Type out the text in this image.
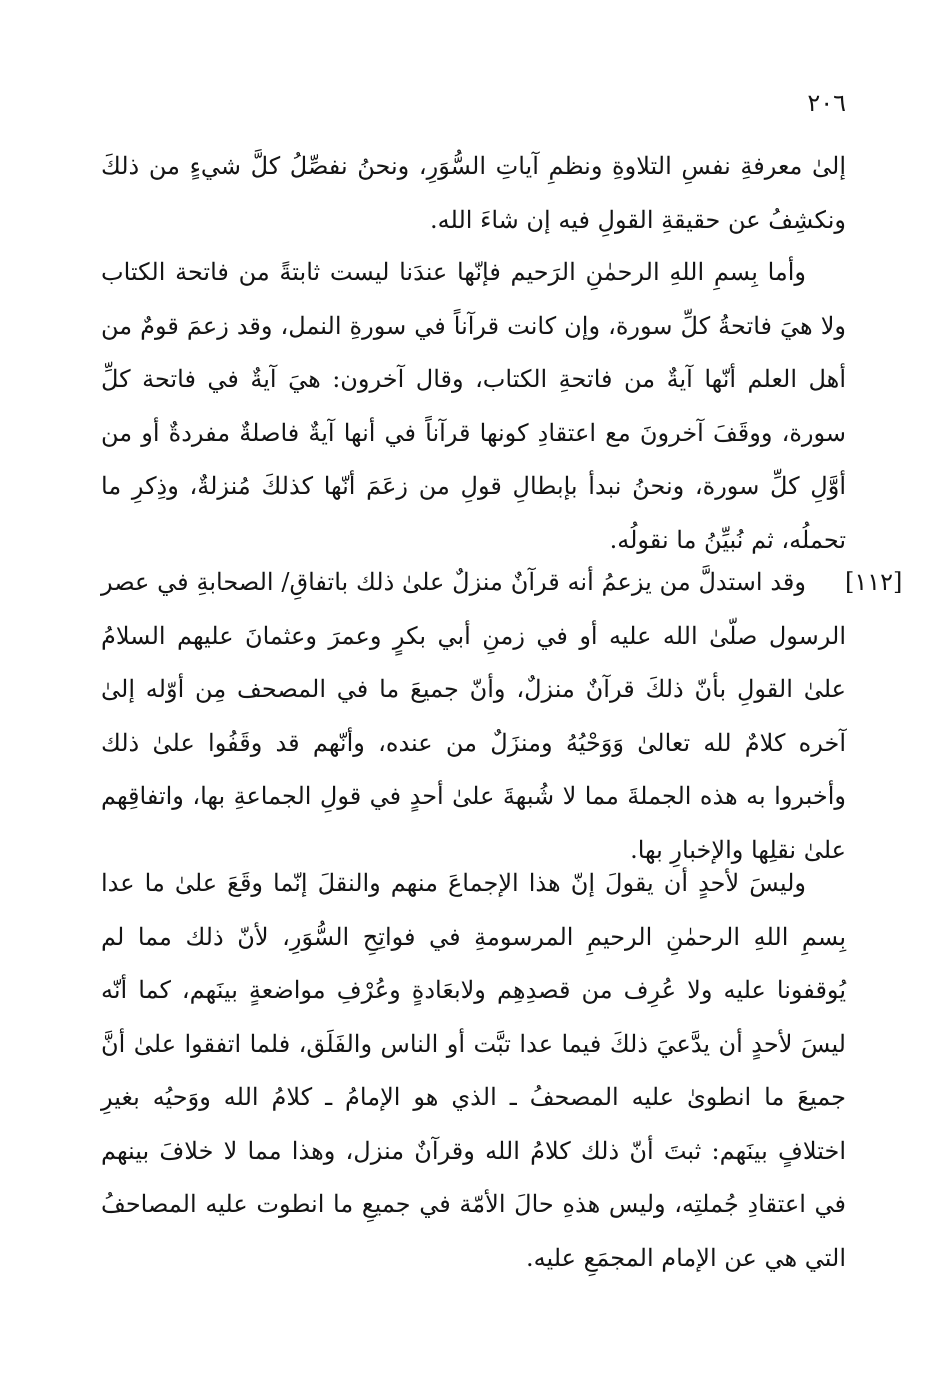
٢٠٦

إلىٰ معرفةِ نفسِ التلاوةِ ونظمِ آياتِ السُّوَرِ، ونحنُ نفصِّلُ كلَّ شيءٍ من ذلكَ ونكشِفُ عن حقيقةِ القولِ فيه إن شاءَ الله.

وأما بِسمِ اللهِ الرحمٰنِ الرَحيم فإنّها عندَنا ليست ثابتةً من فاتحة الكتاب ولا هيَ فاتحةُ كلِّ سورة، وإن كانت قرآناً في سورةِ النمل، وقد زعمَ قومٌ من أهل العلم أنّها آيةٌ من فاتحةِ الكتاب، وقال آخرون: هيَ آيةٌ في فاتحة كلِّ سورة، ووقَفَ آخرونَ مع اعتقادِ كونها قرآناً في أنها آيةٌ فاصلةٌ مفردةٌ أو من أوَّلِ كلِّ سورة، ونحنُ نبدأ بإبطالِ قولِ من زعَمَ أنّها كذلكَ مُنزلةٌ، وذِكرِ ما تحملُه، ثم نُبيِّنُ ما نقولُه.

[١١٢]

وقد استدلَّ من يزعمُ أنه قرآنٌ منزلٌ علىٰ ذلك باتفاقِ/ الصحابةِ في عصر الرسول صلّىٰ الله عليه أو في زمنِ أبي بكرٍ وعمرَ وعثمانَ عليهم السلامُ علىٰ القولِ بأنّ ذلكَ قرآنٌ منزلٌ، وأنّ جميعَ ما في المصحف مِن أوّله إلىٰ آخره كلامٌ لله تعالىٰ وَوَحْيُهُ ومنزَلٌ من عنده، وأنّهم قد وقَفُوا علىٰ ذلك وأخبروا به هذه الجملةَ مما لا شُبهةَ علىٰ أحدٍ في قولِ الجماعةِ بها، واتفاقِهم علىٰ نقلِها والإخبارِ بها.

وليسَ لأحدٍ أن يقولَ إنّ هذا الإجماعَ منهم والنقلَ إنّما وقَعَ علىٰ ما عدا بِسمِ اللهِ الرحمٰنِ الرحيمِ المرسومةِ في فواتِحِ السُّوَرِ، لأنّ ذلك مما لم يُوقفونا عليه ولا عُرِف من قصدِهِم ولابعَادةٍ وعُرْفِ مواضعةٍ بينَهم، كما أنّه ليسَ لأحدٍ أن يدَّعيَ ذلكَ فيما عدا تبَّت أو الناس والفَلَق، فلما اتفقوا علىٰ أنَّ جميعَ ما انطوىٰ عليه المصحفُ ـ الذي هو الإمامُ ـ كلامُ الله ووَحيُه بغيرِ اختلافٍ بينَهم: ثبتَ أنّ ذلك كلامُ الله وقرآنٌ منزل، وهذا مما لا خلافَ بينهم في اعتقادِ جُملتِه، وليس هذهِ حالَ الأمّة في جميعِ ما انطوت عليه المصاحفُ التي هي عن الإمام المجمَعِ عليه.
